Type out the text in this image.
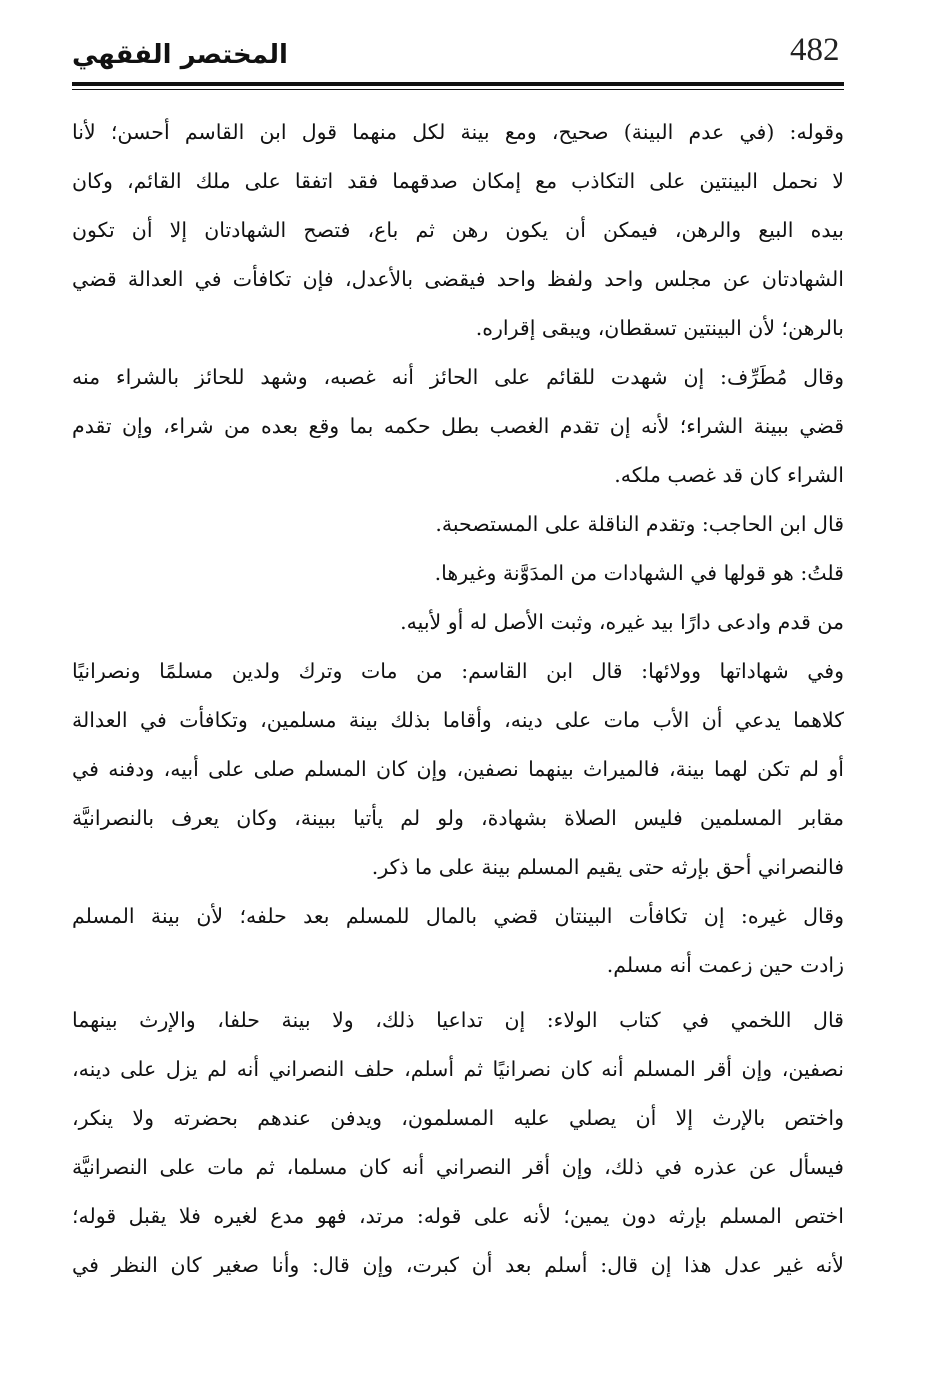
482
المختصر الفقهي
وقوله: (في عدم البينة) صحيح، ومع بينة لكل منهما قول ابن القاسم أحسن؛ لأنا
لا نحمل البينتين على التكاذب مع إمكان صدقهما فقد اتفقا على ملك القائم، وكان
بيده البيع والرهن، فيمكن أن يكون رهن ثم باع، فتصح الشهادتان إلا أن تكون
الشهادتان عن مجلس واحد ولفظ واحد فيقضى بالأعدل، فإن تكافأت في العدالة قضي
بالرهن؛ لأن البينتين تسقطان، ويبقى إقراره.
وقال مُطَرِّف: إن شهدت للقائم على الحائز أنه غصبه، وشهد للحائز بالشراء منه
قضي ببينة الشراء؛ لأنه إن تقدم الغصب بطل حكمه بما وقع بعده من شراء، وإن تقدم
الشراء كان قد غصب ملكه.
قال ابن الحاجب: وتقدم الناقلة على المستصحبة.
قلتُ: هو قولها في الشهادات من المدَوَّنة وغيرها.
من قدم وادعى دارًا بيد غيره، وثبت الأصل له أو لأبيه.
وفي شهاداتها وولائها: قال ابن القاسم: من مات وترك ولدين مسلمًا ونصرانيًا
كلاهما يدعي أن الأب مات على دينه، وأقاما بذلك بينة مسلمين، وتكافأت في العدالة
أو لم تكن لهما بينة، فالميراث بينهما نصفين، وإن كان المسلم صلى على أبيه، ودفنه في
مقابر المسلمين فليس الصلاة بشهادة، ولو لم يأتيا ببينة، وكان يعرف بالنصرانيَّة
فالنصراني أحق بإرثه حتى يقيم المسلم بينة على ما ذكر.
وقال غيره: إن تكافأت البينتان قضي بالمال للمسلم بعد حلفه؛ لأن بينة المسلم
زادت حين زعمت أنه مسلم.
قال اللخمي في كتاب الولاء: إن تداعيا ذلك، ولا بينة حلفا، والإرث بينهما
نصفين، وإن أقر المسلم أنه كان نصرانيًا ثم أسلم، حلف النصراني أنه لم يزل على دينه،
واختص بالإرث إلا أن يصلي عليه المسلمون، ويدفن عندهم بحضرته ولا ينكر،
فيسأل عن عذره في ذلك، وإن أقر النصراني أنه كان مسلما، ثم مات على النصرانيَّة
اختص المسلم بإرثه دون يمين؛ لأنه على قوله: مرتد، فهو مدع لغيره فلا يقبل قوله؛
لأنه غير عدل هذا إن قال: أسلم بعد أن كبرت، وإن قال: وأنا صغير كان النظر في
